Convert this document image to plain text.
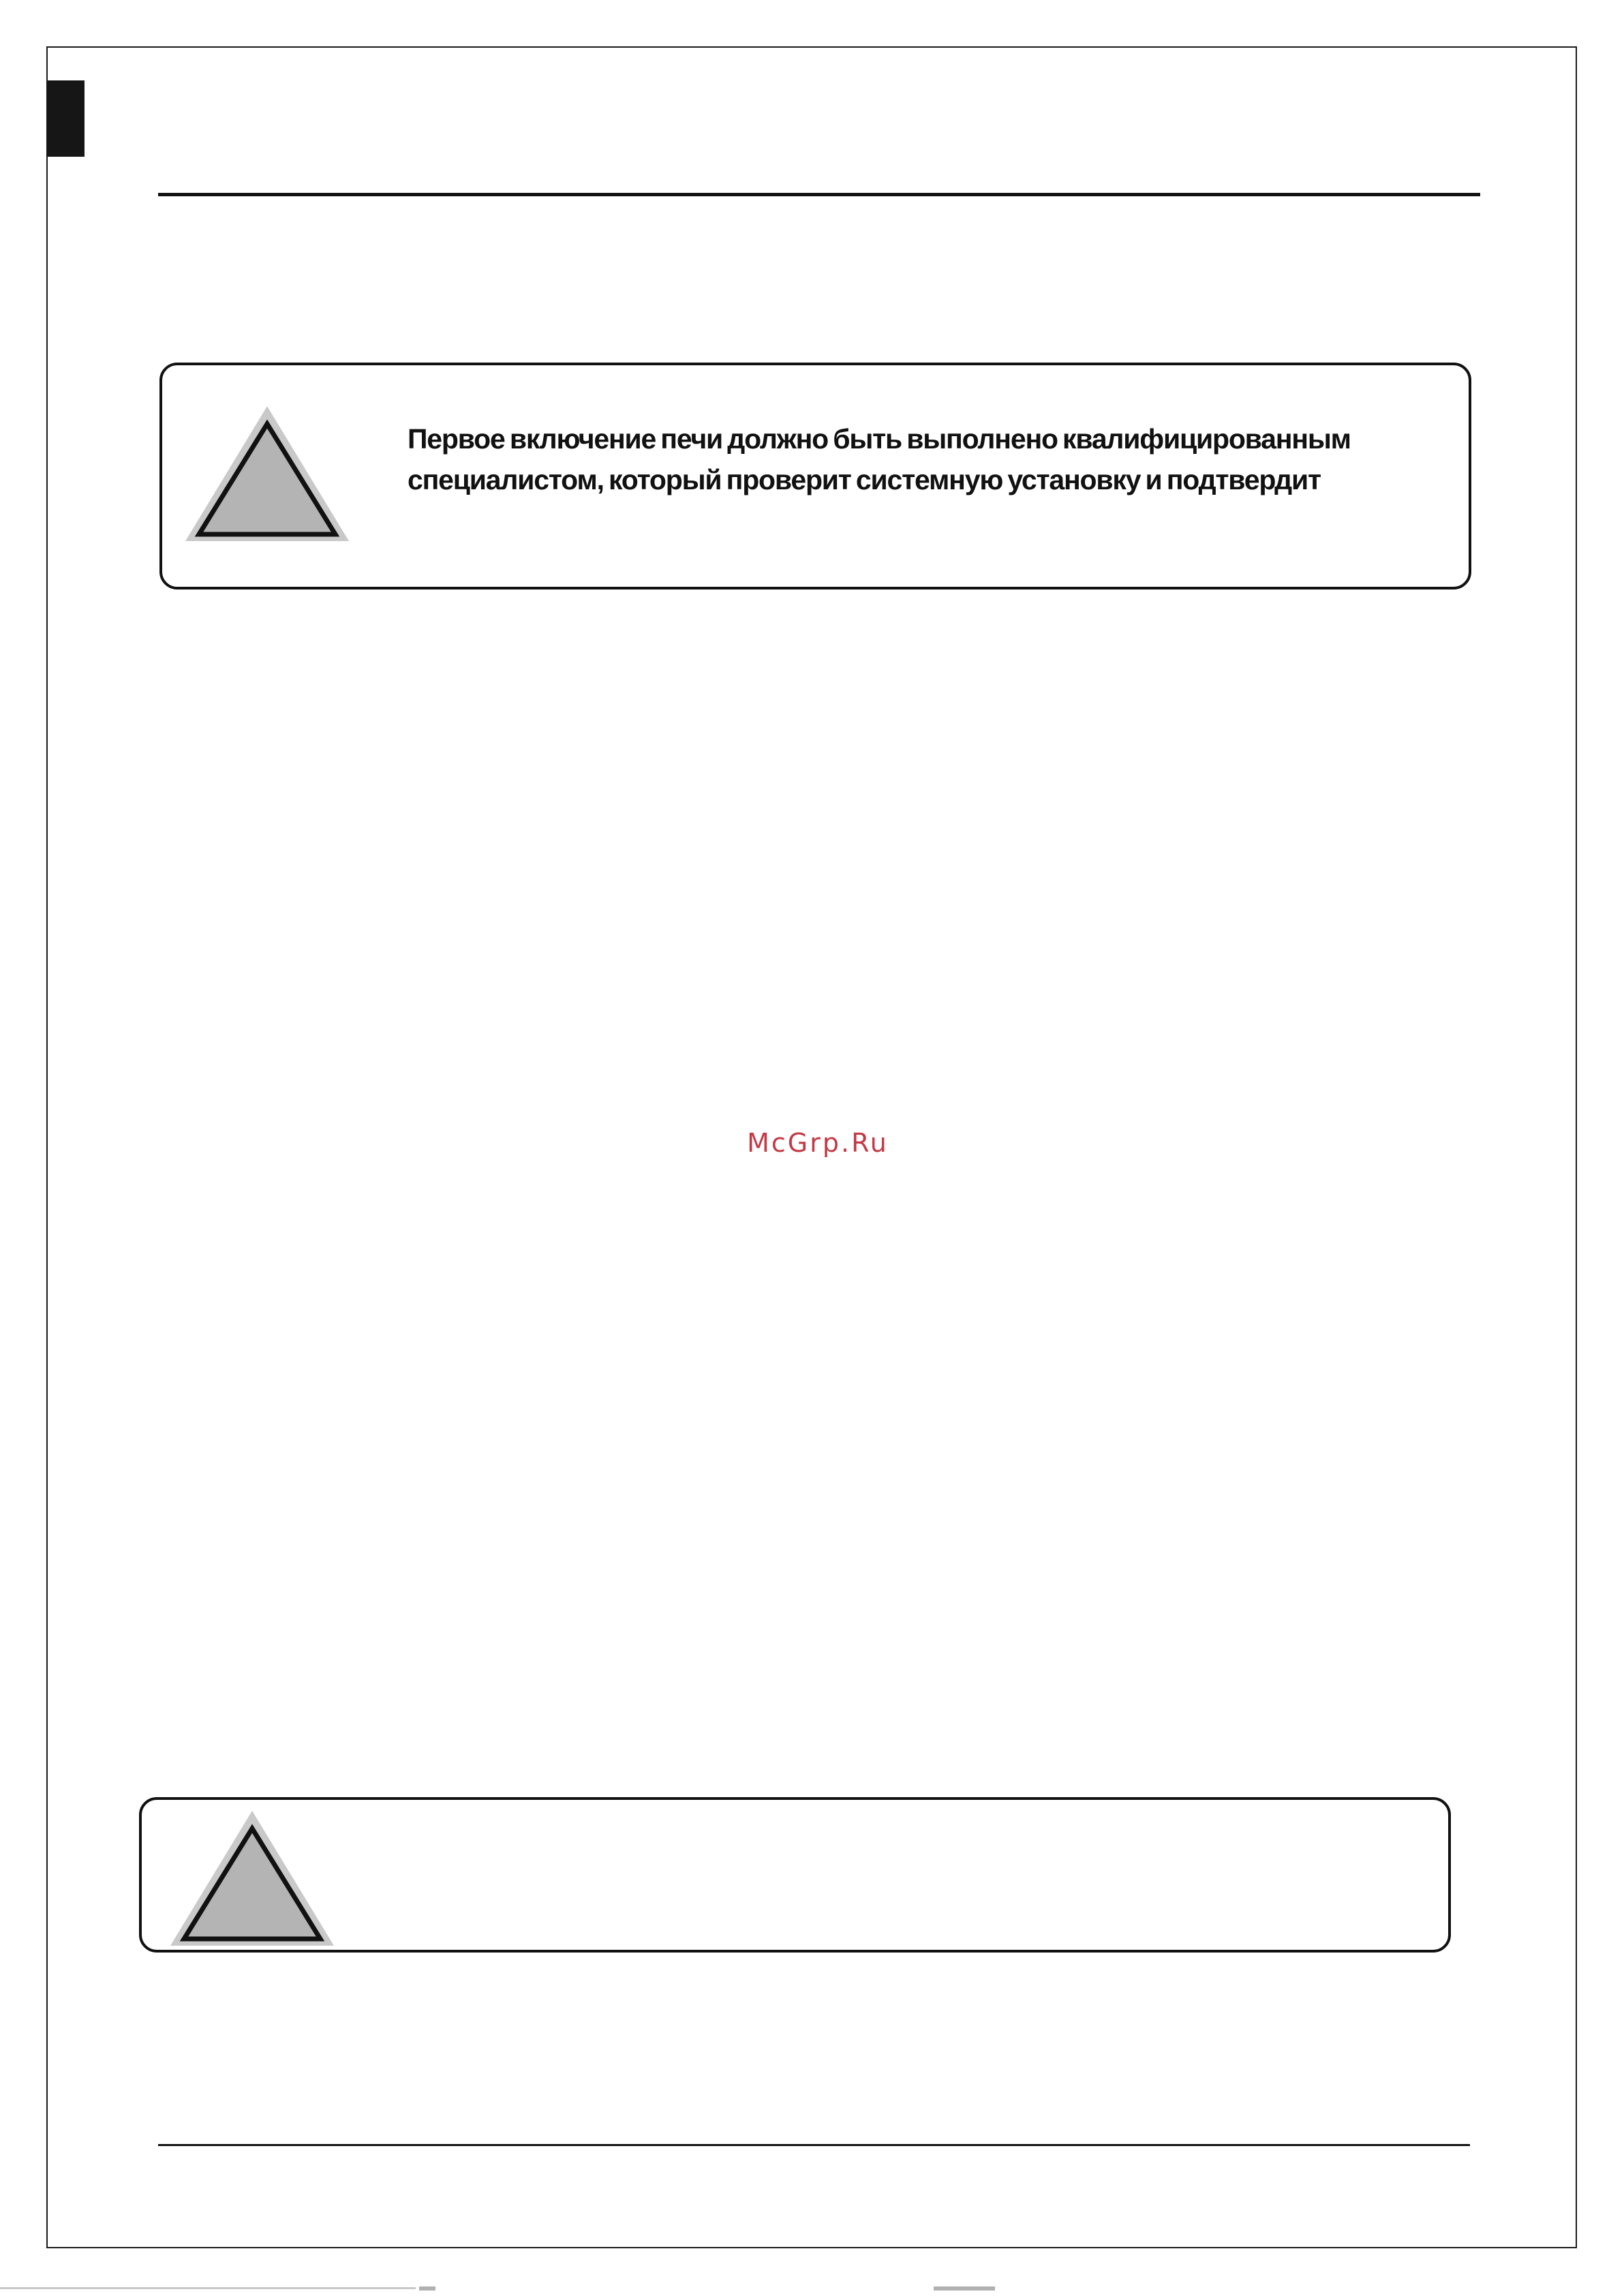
Первое включение печи должно быть выполнено квалифицированным
специалистом, который проверит системную установку и подтвердит

McGrp.Ru
